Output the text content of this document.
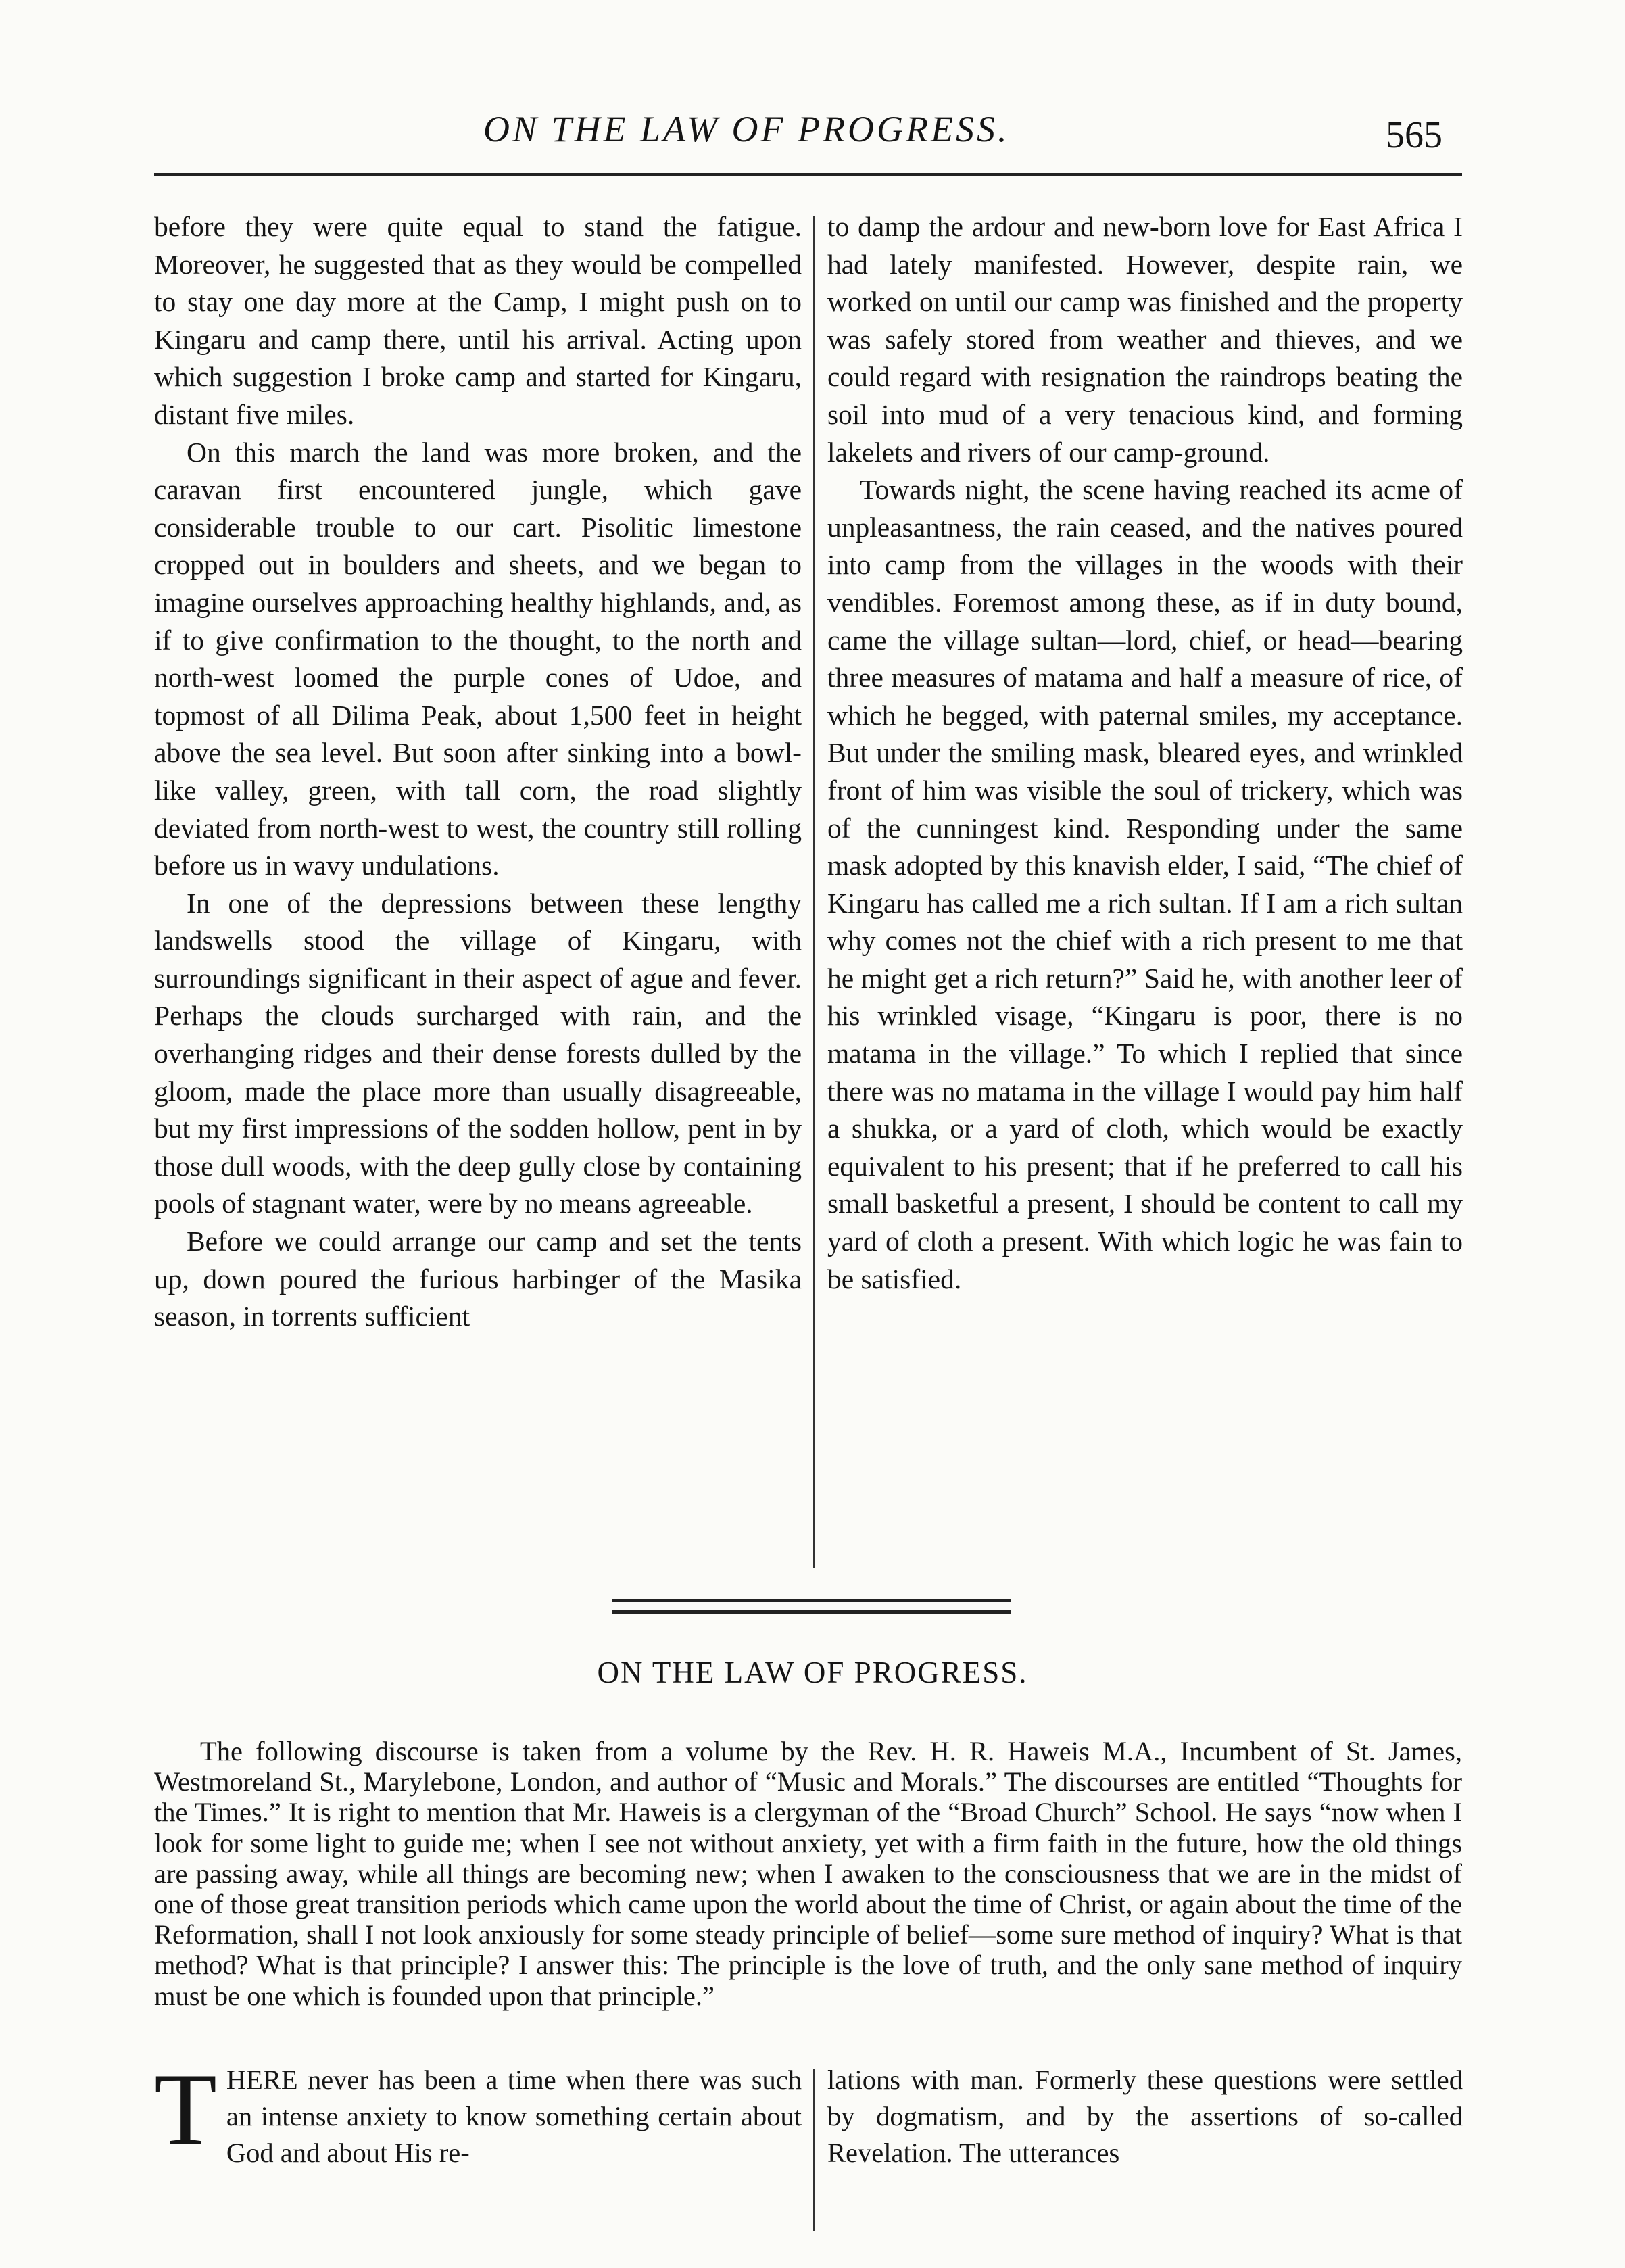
ON THE LAW OF PROGRESS.	565

before they were quite equal to stand the fatigue. Moreover, he suggested that as they would be compelled to stay one day more at the Camp, I might push on to Kingaru and camp there, until his arrival. Acting upon which suggestion I broke camp and started for Kingaru, distant five miles.

On this march the land was more broken, and the caravan first encountered jungle, which gave considerable trouble to our cart. Pisolitic limestone cropped out in boulders and sheets, and we began to imagine ourselves approaching healthy highlands, and, as if to give confirmation to the thought, to the north and north-west loomed the purple cones of Udoe, and topmost of all Dilima Peak, about 1,500 feet in height above the sea level. But soon after sinking into a bowl-like valley, green, with tall corn, the road slightly deviated from north-west to west, the country still rolling before us in wavy undulations.

In one of the depressions between these lengthy landswells stood the village of Kingaru, with surroundings significant in their aspect of ague and fever. Perhaps the clouds surcharged with rain, and the overhanging ridges and their dense forests dulled by the gloom, made the place more than usually disagreeable, but my first impressions of the sodden hollow, pent in by those dull woods, with the deep gully close by containing pools of stagnant water, were by no means agreeable.

Before we could arrange our camp and set the tents up, down poured the furious harbinger of the Masika season, in torrents sufficient

to damp the ardour and new-born love for East Africa I had lately manifested. However, despite rain, we worked on until our camp was finished and the property was safely stored from weather and thieves, and we could regard with resignation the raindrops beating the soil into mud of a very tenacious kind, and forming lakelets and rivers of our camp-ground.

Towards night, the scene having reached its acme of unpleasantness, the rain ceased, and the natives poured into camp from the villages in the woods with their vendibles. Foremost among these, as if in duty bound, came the village sultan—lord, chief, or head—bearing three measures of matama and half a measure of rice, of which he begged, with paternal smiles, my acceptance. But under the smiling mask, bleared eyes, and wrinkled front of him was visible the soul of trickery, which was of the cunningest kind. Responding under the same mask adopted by this knavish elder, I said, “The chief of Kingaru has called me a rich sultan. If I am a rich sultan why comes not the chief with a rich present to me that he might get a rich return?” Said he, with another leer of his wrinkled visage, “Kingaru is poor, there is no matama in the village.” To which I replied that since there was no matama in the village I would pay him half a shukka, or a yard of cloth, which would be exactly equivalent to his present; that if he preferred to call his small basketful a present, I should be content to call my yard of cloth a present. With which logic he was fain to be satisfied.

ON THE LAW OF PROGRESS.

The following discourse is taken from a volume by the Rev. H. R. Haweis M.A., Incumbent of St. James, Westmoreland St., Marylebone, London, and author of “Music and Morals.” The discourses are entitled “Thoughts for the Times.” It is right to mention that Mr. Haweis is a clergyman of the “Broad Church” School. He says “now when I look for some light to guide me; when I see not without anxiety, yet with a firm faith in the future, how the old things are passing away, while all things are becoming new; when I awaken to the consciousness that we are in the midst of one of those great transition periods which came upon the world about the time of Christ, or again about the time of the Reformation, shall I not look anxiously for some steady principle of belief—some sure method of inquiry? What is that method? What is that principle? I answer this: The principle is the love of truth, and the only sane method of inquiry must be one which is founded upon that principle.”

THERE never has been a time when there was such an intense anxiety to know something certain about God and about His re-

lations with man. Formerly these questions were settled by dogmatism, and by the assertions of so-called Revelation. The utterances
